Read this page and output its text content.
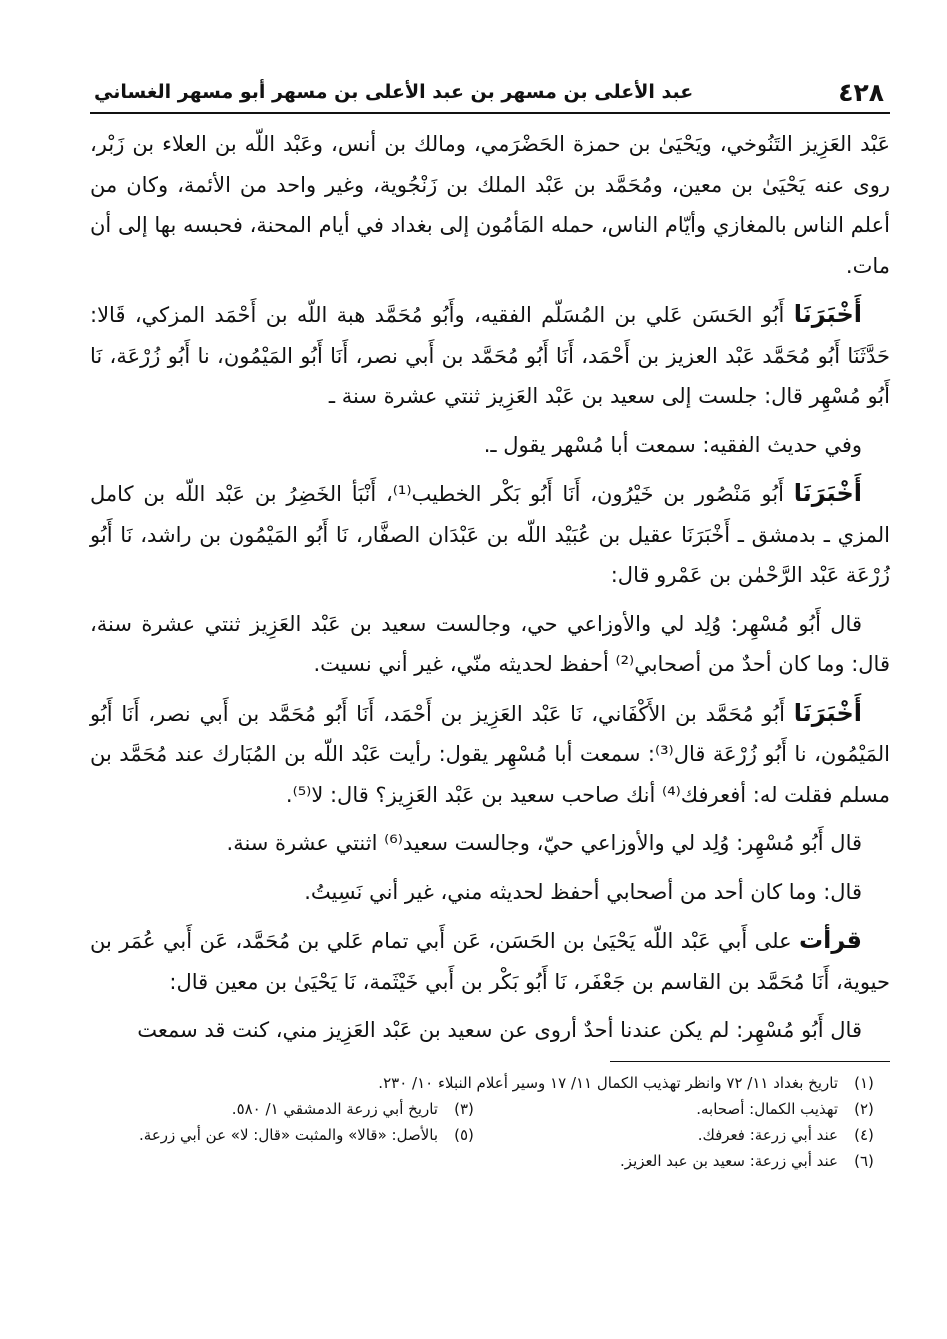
٤٢٨
عبد الأعلى بن مسهر بن عبد الأعلى بن مسهر أبو مسهر الغساني

عَبْد العَزِيز التَنُوخي، ويَحْيَىٰ بن حمزة الحَضْرَمي، ومالك بن أنس، وعَبْد اللّه بن العلاء بن زَبْر، روى عنه يَحْيَىٰ بن معين، ومُحَمَّد بن عَبْد الملك بن زَنْجُوية، وغير واحد من الأئمة، وكان من أعلم الناس بالمغازي وأيّام الناس، حمله المَأمُون إلى بغداد في أيام المحنة، فحبسه بها إلى أن مات.

أَخْبَرَنَا أَبُو الحَسَن عَلي بن المُسَلّم الفقيه، وأَبُو مُحَمَّد هبة اللّه بن أَحْمَد المزكي، قَالا: حَدَّثَنَا أَبُو مُحَمَّد عَبْد العزيز بن أَحْمَد، أَنَا أَبُو مُحَمَّد بن أَبي نصر، أَنَا أَبُو المَيْمُون، نا أَبُو زُرْعَة، نَا أَبُو مُسْهِر قال: جلست إلى سعيد بن عَبْد العَزِيز ثنتي عشرة سنة ـ

وفي حديث الفقيه: سمعت أبا مُسْهر يقول ـ.

أَخْبَرَنَا أَبُو مَنْصُور بن خَيْرُون، أَنَا أَبُو بَكْر الخطيب⁽¹⁾، أَنْبَأ الخَضِرُ بن عَبْد اللّه بن كامل المزي ـ بدمشق ـ أَخْبَرَنَا عقيل بن عُبَيْد اللّه بن عَبْدَان الصفَّار، نَا أَبُو المَيْمُون بن راشد، نَا أَبُو زُرْعَة عَبْد الرَّحْمٰن بن عَمْرو قال:

قال أَبُو مُسْهِر: وُلِد لي والأوزاعي حي، وجالست سعيد بن عَبْد العَزِيز ثنتي عشرة سنة، قال: وما كان أحدٌ من أصحابي⁽²⁾ أحفظ لحديثه منّي، غير أني نسيت.

أَخْبَرَنَا أَبُو مُحَمَّد بن الأَكْفَاني، نَا عَبْد العَزِيز بن أَحْمَد، أَنَا أَبُو مُحَمَّد بن أَبي نصر، أَنَا أَبُو المَيْمُون، نا أَبُو زُرْعَة قال⁽³⁾: سمعت أبا مُسْهِر يقول: رأيت عَبْد اللّه بن المُبَارك عند مُحَمَّد بن مسلم فقلت له: أفعرفك⁽⁴⁾ أنك صاحب سعيد بن عَبْد العَزِيز؟ قال: لا⁽⁵⁾.

قال أَبُو مُسْهِر: وُلِد لي والأوزاعي حيّ، وجالست سعيد⁽⁶⁾ اثنتي عشرة سنة.

قال: وما كان أحد من أصحابي أحفظ لحديثه مني، غير أني نَسِيتُ.

قرأت على أَبي عَبْد اللّه يَحْيَىٰ بن الحَسَن، عَن أَبي تمام عَلي بن مُحَمَّد، عَن أَبي عُمَر بن حيوية، أَنَا مُحَمَّد بن القاسم بن جَعْفَر، نَا أَبُو بَكْر بن أَبي خَيْثَمة، نَا يَحْيَىٰ بن معين قال:

قال أَبُو مُسْهِر: لم يكن عندنا أحدٌ أروى عن سعيد بن عَبْد العَزِيز مني، كنت قد سمعت

(١)
تاريخ بغداد ١١/ ٧٢ وانظر تهذيب الكمال ١١/ ١٧ وسير أعلام النبلاء ١٠/ ٢٣٠.
(٢)
تهذيب الكمال: أصحابه.
(٣)
تاريخ أبي زرعة الدمشقي ١/ ٥٨٠.
(٤)
عند أبي زرعة: فعرفك.
(٥)
بالأصل: «قالا» والمثبت «قال: لا» عن أبي زرعة.
(٦)
عند أبي زرعة: سعيد بن عبد العزيز.
